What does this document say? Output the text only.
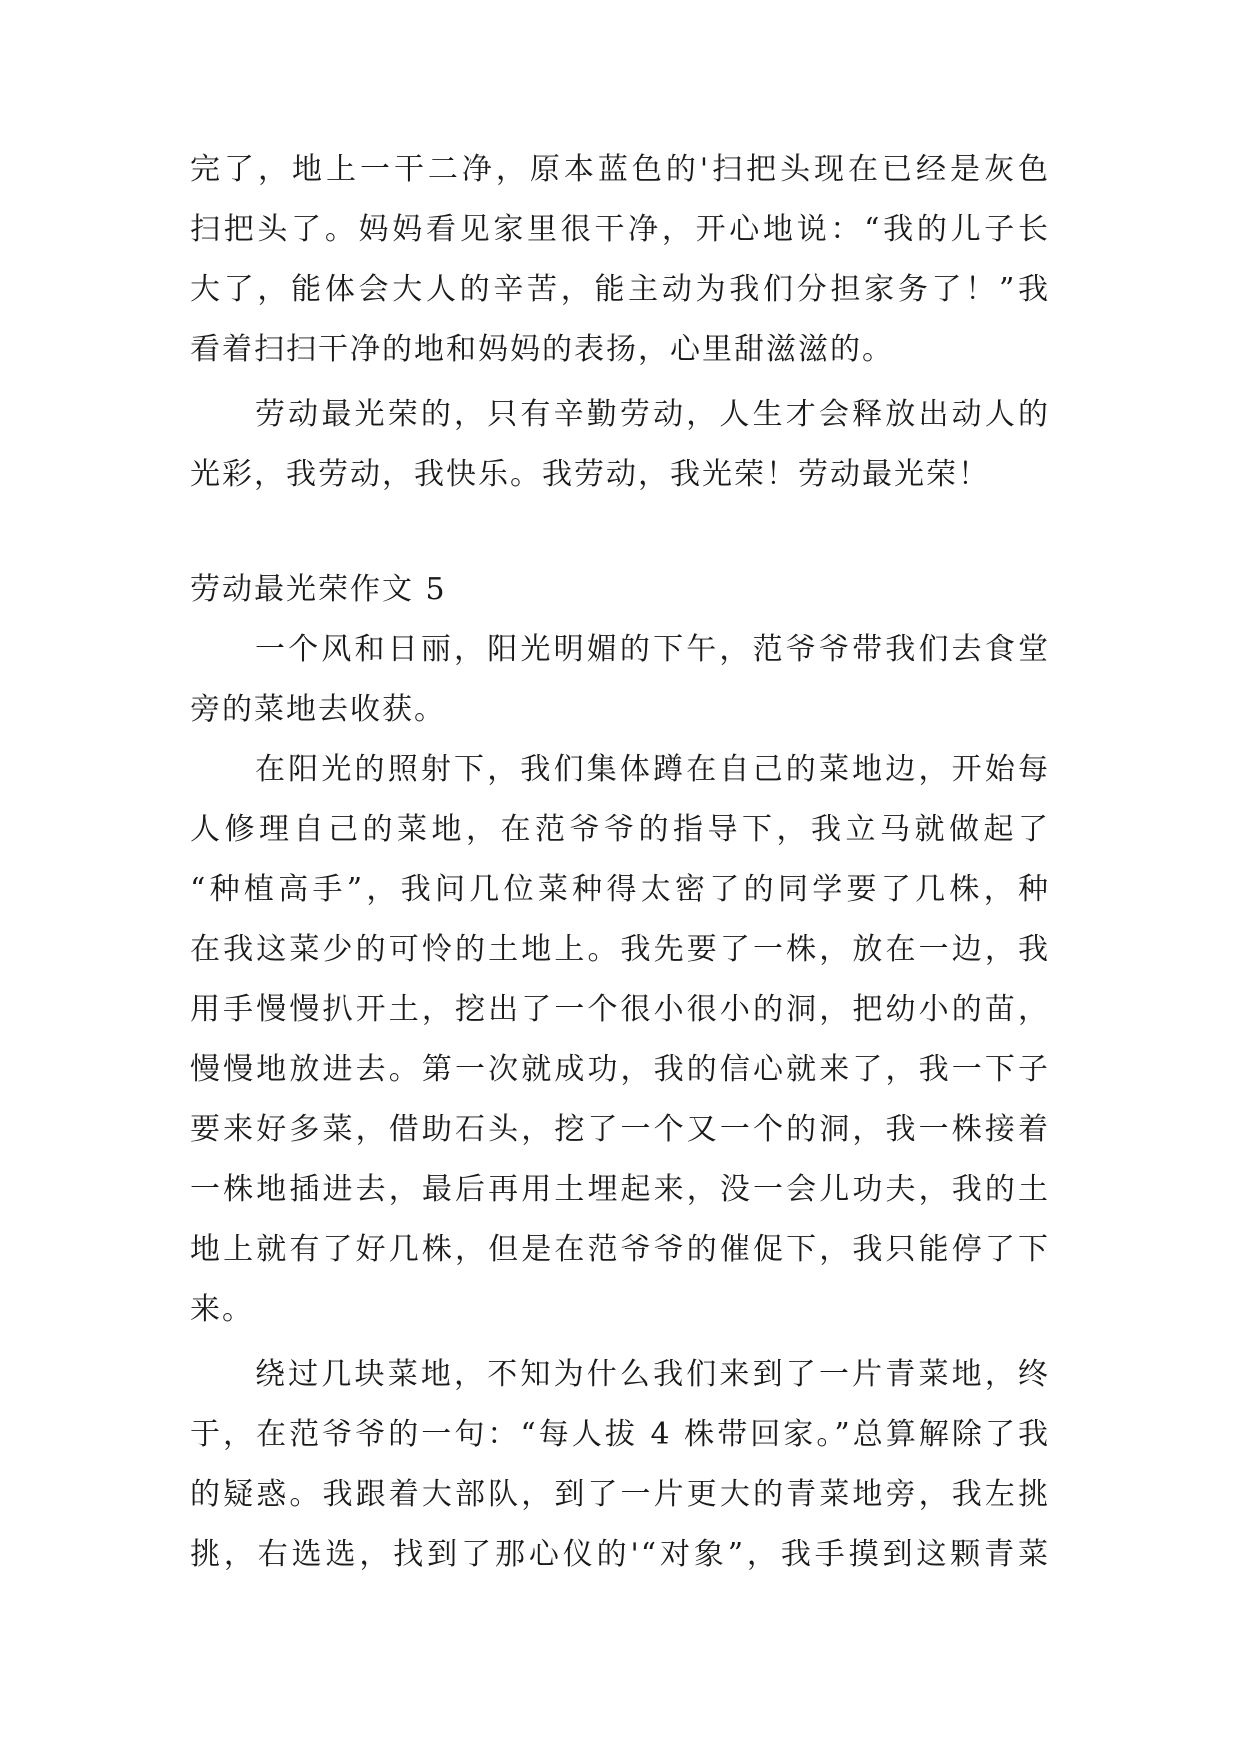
完了，地上一干二净，原本蓝色的'扫把头现在已经是灰色
扫把头了。妈妈看见家里很干净，开心地说：“我的儿子长
大了，能体会大人的辛苦，能主动为我们分担家务了！”我
看着扫扫干净的地和妈妈的表扬，心里甜滋滋的。
劳动最光荣的，只有辛勤劳动，人生才会释放出动人的
光彩，我劳动，我快乐。我劳动，我光荣！劳动最光荣！
劳动最光荣作文 5
一个风和日丽，阳光明媚的下午，范爷爷带我们去食堂
旁的菜地去收获。
在阳光的照射下，我们集体蹲在自己的菜地边，开始每
人修理自己的菜地，在范爷爷的指导下，我立马就做起了
“种植高手”，我问几位菜种得太密了的同学要了几株，种
在我这菜少的可怜的土地上。我先要了一株，放在一边，我
用手慢慢扒开土，挖出了一个很小很小的洞，把幼小的苗，
慢慢地放进去。第一次就成功，我的信心就来了，我一下子
要来好多菜，借助石头，挖了一个又一个的洞，我一株接着
一株地插进去，最后再用土埋起来，没一会儿功夫，我的土
地上就有了好几株，但是在范爷爷的催促下，我只能停了下
来。
绕过几块菜地，不知为什么我们来到了一片青菜地，终
于，在范爷爷的一句：“每人拔 4 株带回家。”总算解除了我
的疑惑。我跟着大部队，到了一片更大的青菜地旁，我左挑
挑，右选选，找到了那心仪的'“对象”，我手摸到这颗青菜
